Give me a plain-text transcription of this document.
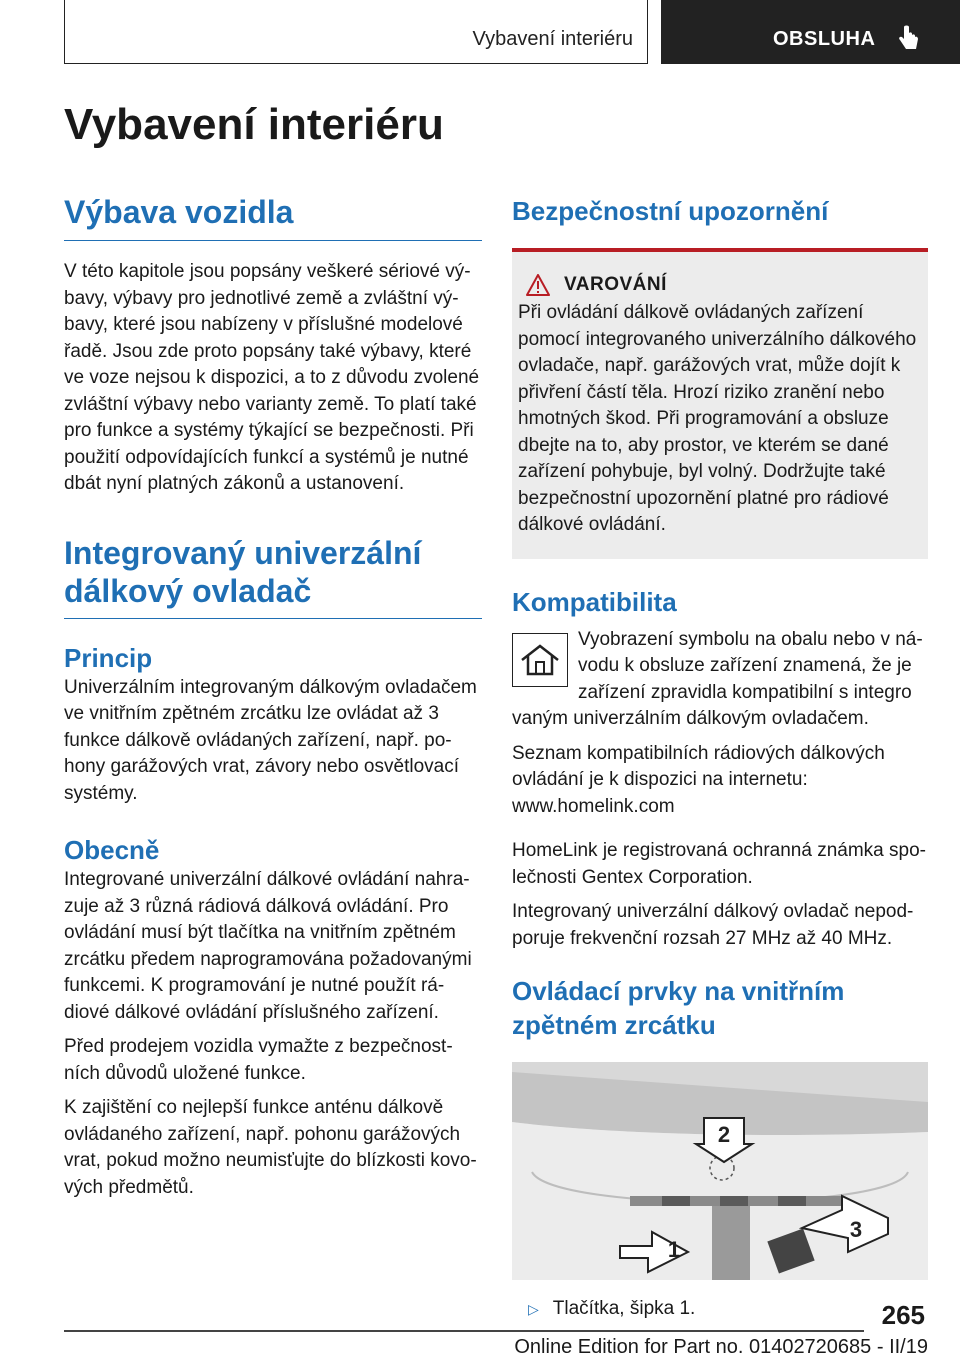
Vybavení interiéru	OBSLUHA
Vybavení interiéru
Výbava vozidla

V této kapitole jsou popsány veškeré sériové výbavy, výbavy pro jednotlivé země a zvláštní výbavy, které jsou nabízeny v příslušné modelové řadě. Jsou zde proto popsány také výbavy, které ve voze nejsou k dispozici, a to z důvodu zvolené zvláštní výbavy nebo varianty země. To platí také pro funkce a systémy týkající se bezpečnosti. Při použití odpovídajících funkcí a systémů je nutné dbát nyní platných zákonů a ustanovení.

Integrovaný univerzální dálkový ovladač
Princip

Univerzálním integrovaným dálkovým ovladačem ve vnitřním zpětném zrcátku lze ovládat až 3 funkce dálkově ovládaných zařízení, např. pohony garážových vrat, závory nebo osvětlovací systémy.

Obecně

Integrované univerzální dálkové ovládání nahrazuje až 3 různá rádiová dálková ovládání. Pro ovládání musí být tlačítka na vnitřním zpětném zrcátku předem naprogramována požadovanými funkcemi. K programování je nutné použít rádiové dálkové ovládání příslušného zařízení.

Před prodejem vozidla vymažte z bezpečnostních důvodů uložené funkce.

K zajištění co nejlepší funkce anténu dálkově ovládaného zařízení, např. pohonu garážových vrat, pokud možno neumisťujte do blízkosti kovových předmětů.

Bezpečnostní upozornění
VAROVÁNÍ

Při ovládání dálkově ovládaných zařízení pomocí integrovaného univerzálního dálkového ovladače, např. garážových vrat, může dojít k přivření částí těla. Hrozí riziko zranění nebo hmotných škod. Při programování a obsluze dbejte na to, aby prostor, ve kterém se dané zařízení pohybuje, byl volný. Dodržujte také bezpečnostní upozornění platné pro rádiové dálkové ovládání.

Kompatibilita

Vyobrazení symbolu na obalu nebo v návodu k obsluze zařízení znamená, že je zařízení zpravidla kompatibilní s integro

vaným univerzálním dálkovým ovladačem.

Seznam kompatibilních rádiových dálkových ovládání je k dispozici na internetu:

www.homelink.com

HomeLink je registrovaná ochranná známka společnosti Gentex Corporation.

Integrovaný univerzální dálkový ovladač nepodporuje frekvenční rozsah 27 MHz až 40 MHz.

Ovládací prvky na vnitřním zpětném zrcátku
2
1
3
▷ Tlačítka, šipka 1.	265
Online Edition for Part no. 01402720685 - II/19
